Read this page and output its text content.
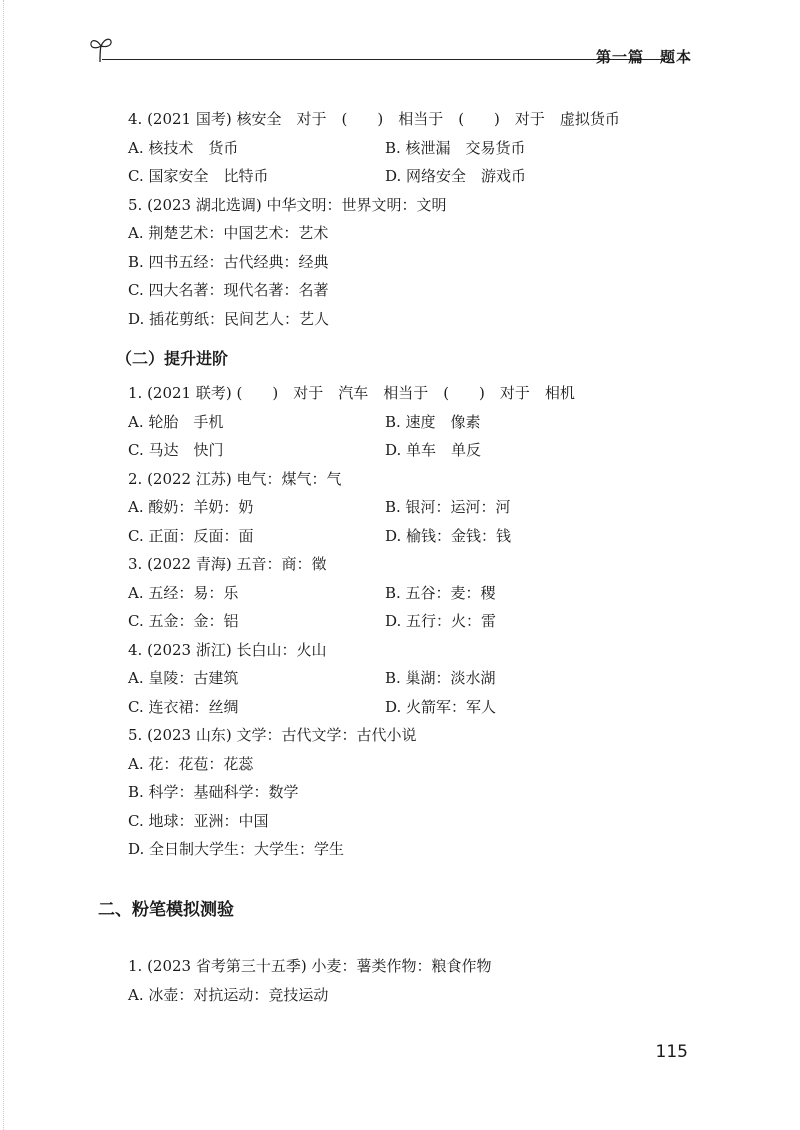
第一篇　题本
4. (2021 国考) 核安全　对于　(　　)　相当于　(　　)　对于　虚拟货币
A. 核技术　货币	B. 核泄漏　交易货币
C. 国家安全　比特币	D. 网络安全　游戏币
5. (2023 湖北选调) 中华文明：世界文明：文明
A. 荆楚艺术：中国艺术：艺术
B. 四书五经：古代经典：经典
C. 四大名著：现代名著：名著
D. 插花剪纸：民间艺人：艺人
（二）提升进阶
1. (2021 联考) (　　)　对于　汽车　相当于　(　　)　对于　相机
A. 轮胎　手机	B. 速度　像素
C. 马达　快门	D. 单车　单反
2. (2022 江苏) 电气：煤气：气
A. 酸奶：羊奶：奶	B. 银河：运河：河
C. 正面：反面：面	D. 榆钱：金钱：钱
3. (2022 青海) 五音：商：徵
A. 五经：易：乐	B. 五谷：麦：稷
C. 五金：金：铝	D. 五行：火：雷
4. (2023 浙江) 长白山：火山
A. 皇陵：古建筑	B. 巢湖：淡水湖
C. 连衣裙：丝绸	D. 火箭军：军人
5. (2023 山东) 文学：古代文学：古代小说
A. 花：花苞：花蕊
B. 科学：基础科学：数学
C. 地球：亚洲：中国
D. 全日制大学生：大学生：学生
二、粉笔模拟测验
1. (2023 省考第三十五季) 小麦：薯类作物：粮食作物
A. 冰壶：对抗运动：竞技运动
115
